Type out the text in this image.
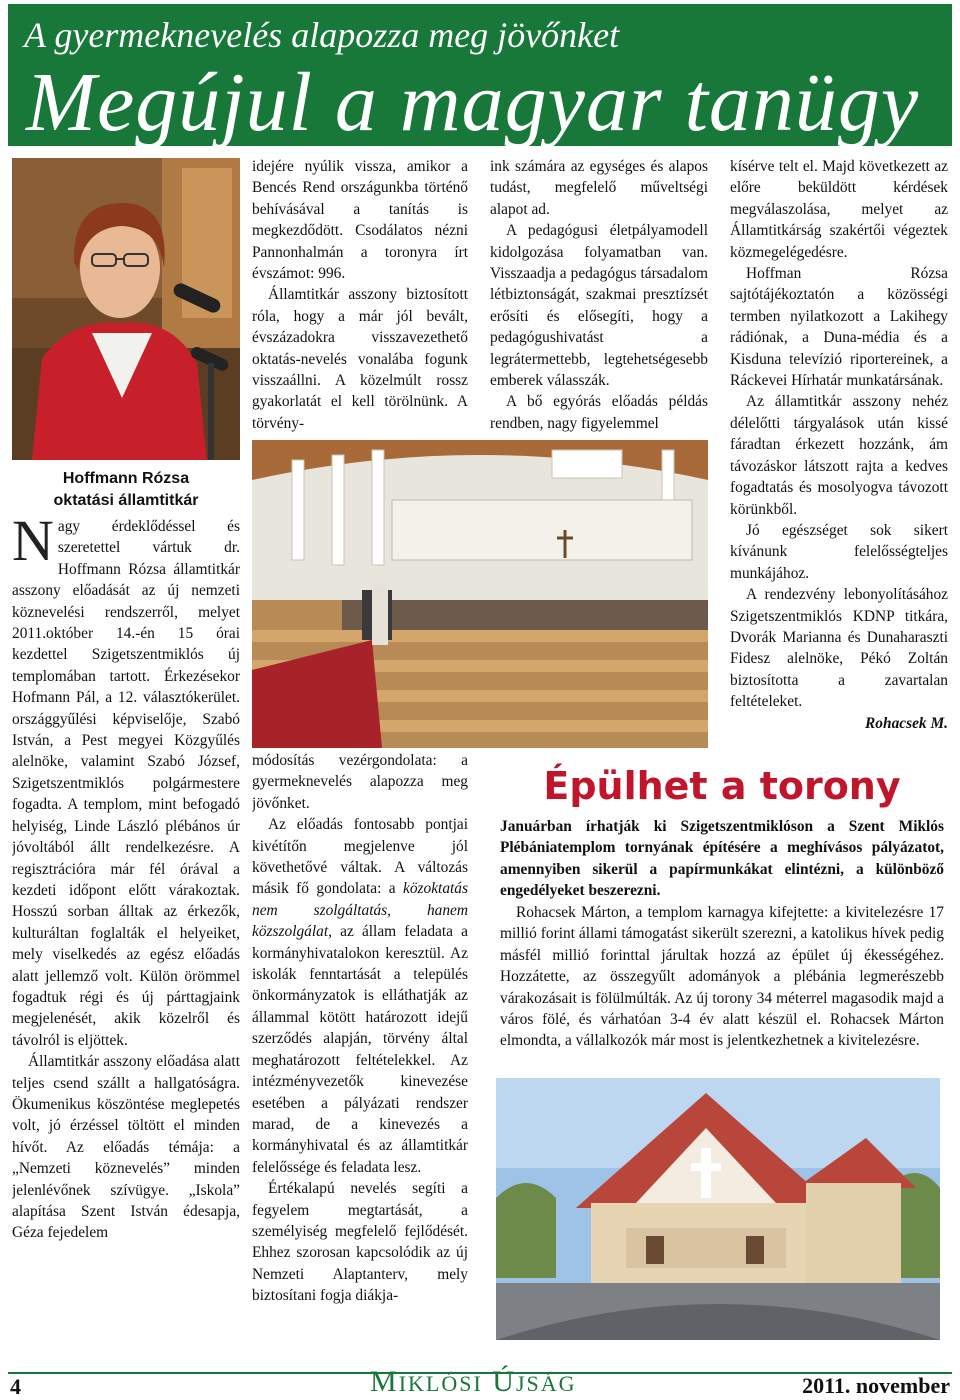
A gyermeknevelés alapozza meg jövőnket
Megújul a magyar tanügy
Hoffmann Rózsa
oktatási államtitkár

Nagy érdeklődéssel és szeretettel vártuk dr. Hoffmann Rózsa államtitkár asszony előadását az új nemzeti köznevelési rendszerről, melyet 2011.október 14.-én 15 órai kezdettel Szigetszentmiklós új templomában tartott. Érkezésekor Hofmann Pál, a 12. választókerület. országgyűlési képviselője, Szabó István, a Pest megyei Közgyűlés alelnöke, valamint Szabó József, Szigetszentmiklós polgármestere fogadta. A templom, mint befogadó helyiség, Linde László plébános úr jóvoltából állt rendelkezésre. A regisztrációra már fél órával a kezdeti időpont előtt várakoztak. Hosszú sorban álltak az érkezők, kulturáltan foglalták el helyeiket, mely viselkedés az egész előadás alatt jellemző volt. Külön örömmel fogadtuk régi és új párttagjaink megjelenését, akik közelről és távolról is eljöttek.

Államtitkár asszony előadása alatt teljes csend szállt a hallgatóságra. Ökumenikus köszöntése meglepetés volt, jó érzéssel töltött el minden hívőt. Az előadás témája: a „Nemzeti köznevelés” minden jelenlévőnek szívügye. „Iskola” alapítása Szent István édesapja, Géza fejedelem

idejére nyúlik vissza, amikor a Bencés Rend országunkba történő behívásával a tanítás is megkezdődött. Csodálatos nézni Pannonhalmán a toronyra írt évszámot: 996.

Államtitkár asszony biztosított róla, hogy a már jól bevált, évszázadokra visszavezethető oktatás-nevelés vonalába fogunk visszaállni. A közelmúlt rossz gyakorlatát el kell törölnünk. A törvény-

ink számára az egységes és alapos tudást, megfelelő műveltségi alapot ad.

A pedagógusi életpályamodell kidolgozása folyamatban van. Visszaadja a pedagógus társadalom létbiztonságát, szakmai presztízsét erősíti és elősegíti, hogy a pedagógushivatást a legrátermettebb, legtehetségesebb emberek válasszák.

A bő egyórás előadás példás rendben, nagy figyelemmel

módosítás vezérgondolata: a gyermeknevelés alapozza meg jövőnket.

Az előadás fontosabb pontjai kivétítőn megjelenve jól követhetővé váltak. A változás másik fő gondolata: a közoktatás nem szolgáltatás, hanem közszolgálat, az állam feladata a kormányhivatalokon keresztül. Az iskolák fenntartását a település önkormányzatok is elláthatják az állammal kötött határozott idejű szerződés alapján, törvény által meghatározott feltételekkel. Az intézményvezetők kinevezése esetében a pályázati rendszer marad, de a kinevezés a kormányhivatal és az államtitkár felelőssége és feladata lesz.

Értékalapú nevelés segíti a fegyelem megtartását, a személyiség megfelelő fejlődését. Ehhez szorosan kapcsolódik az új Nemzeti Alaptanterv, mely biztosítani fogja diákja-

kísérve telt el. Majd következett az előre beküldött kérdések megválaszolása, melyet az Államtitkárság szakértői végeztek közmegelégedésre.

Hoffman Rózsa sajtótájékoztatón a közösségi termben nyilatkozott a Lakihegy rádiónak, a Duna-média és a Kisduna televízió riportereinek, a Ráckevei Hírhatár munkatársának.

Az államtitkár asszony nehéz délelőtti tárgyalások után kissé fáradtan érkezett hozzánk, ám távozáskor látszott rajta a kedves fogadtatás és mosolyogva távozott körünkből.

Jó egészséget sok sikert kívánunk felelősségteljes munkájához.

A rendezvény lebonyolításához Szigetszentmiklós KDNP titkára, Dvorák Marianna és Dunaharaszti Fidesz alelnöke, Pékó Zoltán biztosította a zavartalan feltételeket.

Rohacsek M.
Épülhet a torony
Januárban írhatják ki Szigetszentmiklóson a Szent Miklós Plébániatemplom tornyának építésére a meghívásos pályázatot, amennyiben sikerül a papírmunkákat elintézni, a különböző engedélyeket beszerezni.

Rohacsek Márton, a templom karnagya kifejtette: a kivitelezésre 17 millió forint állami támogatást sikerült szerezni, a katolikus hívek pedig másfél millió forinttal járultak hozzá az épület új ékességéhez. Hozzátette, az összegyűlt adományok a plébánia legmerészebb várakozásait is fölülmúlták. Az új torony 34 méterrel magasodik majd a város fölé, és várhatóan 3-4 év alatt készül el. Rohacsek Márton elmondta, a vállalkozók már most is jelentkezhetnek a kivitelezésre.

4	MIKLÓSI ÚJSÁG	2011. november
